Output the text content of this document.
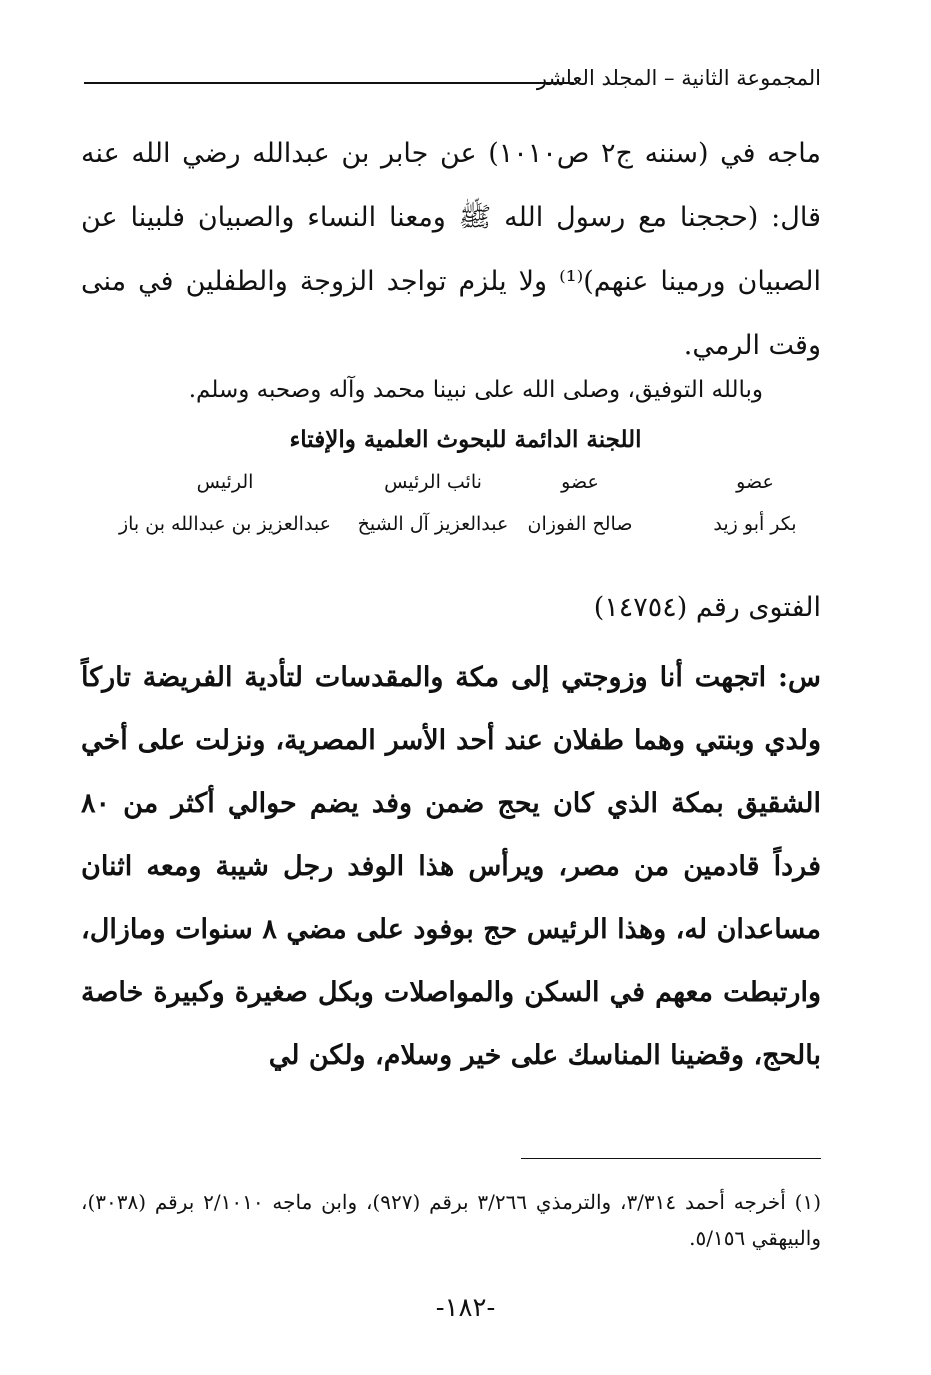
المجموعة الثانية – المجلد العاشر
ماجه في (سننه ج٢ ص١٠١٠) عن جابر بن عبدالله رضي الله عنه قال: (حججنا مع رسول الله ﷺ ومعنا النساء والصبيان فلبينا عن الصبيان ورمينا عنهم)⁽¹⁾ ولا يلزم تواجد الزوجة والطفلين في منى وقت الرمي.
وبالله التوفيق، وصلى الله على نبينا محمد وآله وصحبه وسلم.
اللجنة الدائمة للبحوث العلمية والإفتاء
عضو
بكر أبو زيد
عضو
صالح الفوزان
نائب الرئيس
عبدالعزيز آل الشيخ
الرئيس
عبدالعزيز بن عبدالله بن باز
الفتوى رقم (١٤٧٥٤)
س: اتجهت أنا وزوجتي إلى مكة والمقدسات لتأدية الفريضة تاركاً ولدي وبنتي وهما طفلان عند أحد الأسر المصرية، ونزلت على أخي الشقيق بمكة الذي كان يحج ضمن وفد يضم حوالي أكثر من ٨٠ فرداً قادمين من مصر، ويرأس هذا الوفد رجل شيبة ومعه اثنان مساعدان له، وهذا الرئيس حج بوفود على مضي ٨ سنوات ومازال، وارتبطت معهم في السكن والمواصلات وبكل صغيرة وكبيرة خاصة بالحج، وقضينا المناسك على خير وسلام، ولكن لي
(١) أخرجه أحمد ٣/٣١٤، والترمذي ٣/٢٦٦ برقم (٩٢٧)، وابن ماجه ٢/١٠١٠ برقم (٣٠٣٨)، والبيهقي ٥/١٥٦.
-١٨٢-
